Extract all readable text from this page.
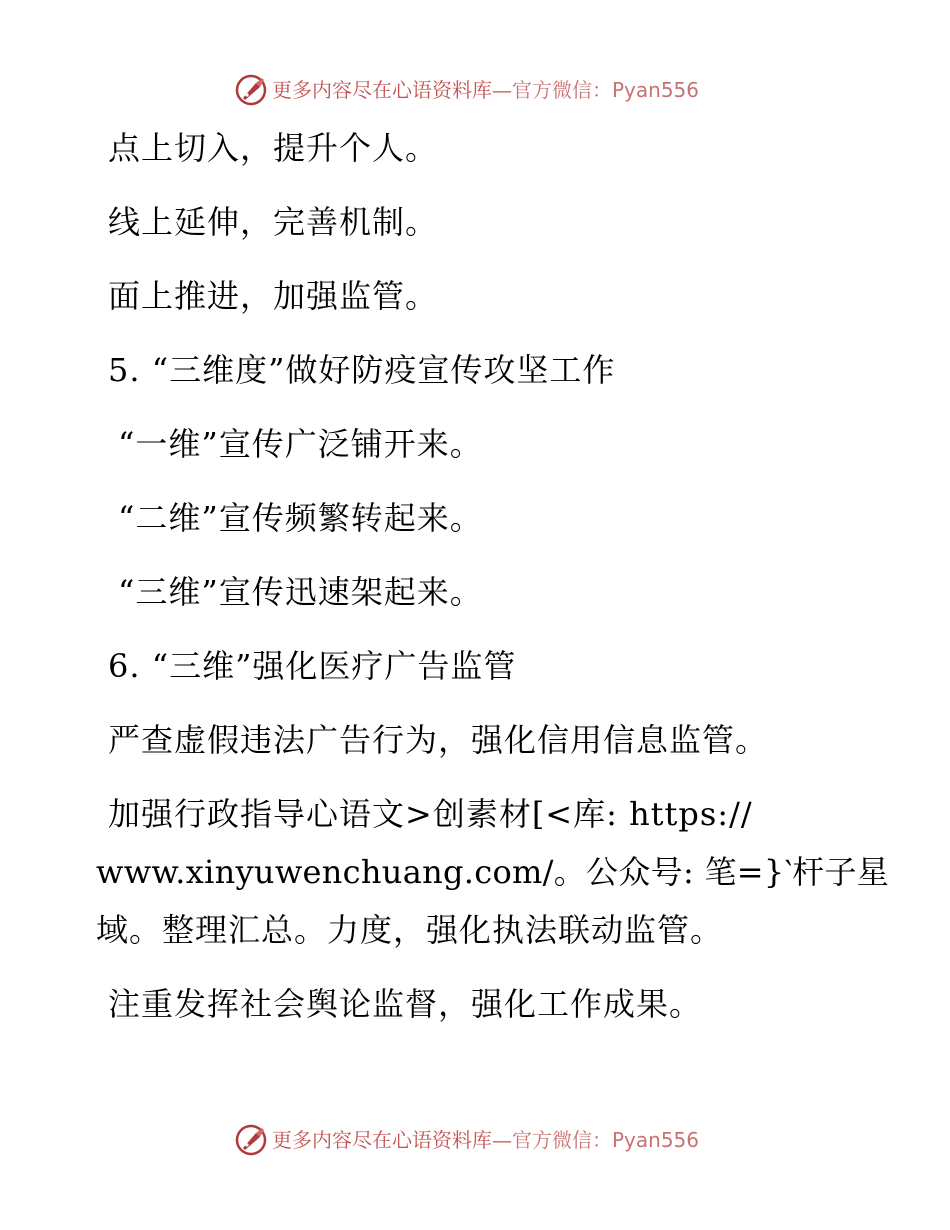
更多内容尽在心语资料库—官方微信：Pyan556
点上切入，提升个人。
线上延伸，完善机制。
面上推进，加强监管。
5. “三维度”做好防疫宣传攻坚工作
“一维”宣传广泛铺开来。
“二维”宣传频繁转起来。
“三维”宣传迅速架起来。
6. “三维”强化医疗广告监管
严查虚假违法广告行为，强化信用信息监管。
加强行政指导心语文>创素材[<库: https://
www.xinyuwenchuang.com/。公众号: 笔=}‵杆子星
域。整理汇总。力度，强化执法联动监管。
注重发挥社会舆论监督，强化工作成果。
更多内容尽在心语资料库—官方微信：Pyan556
